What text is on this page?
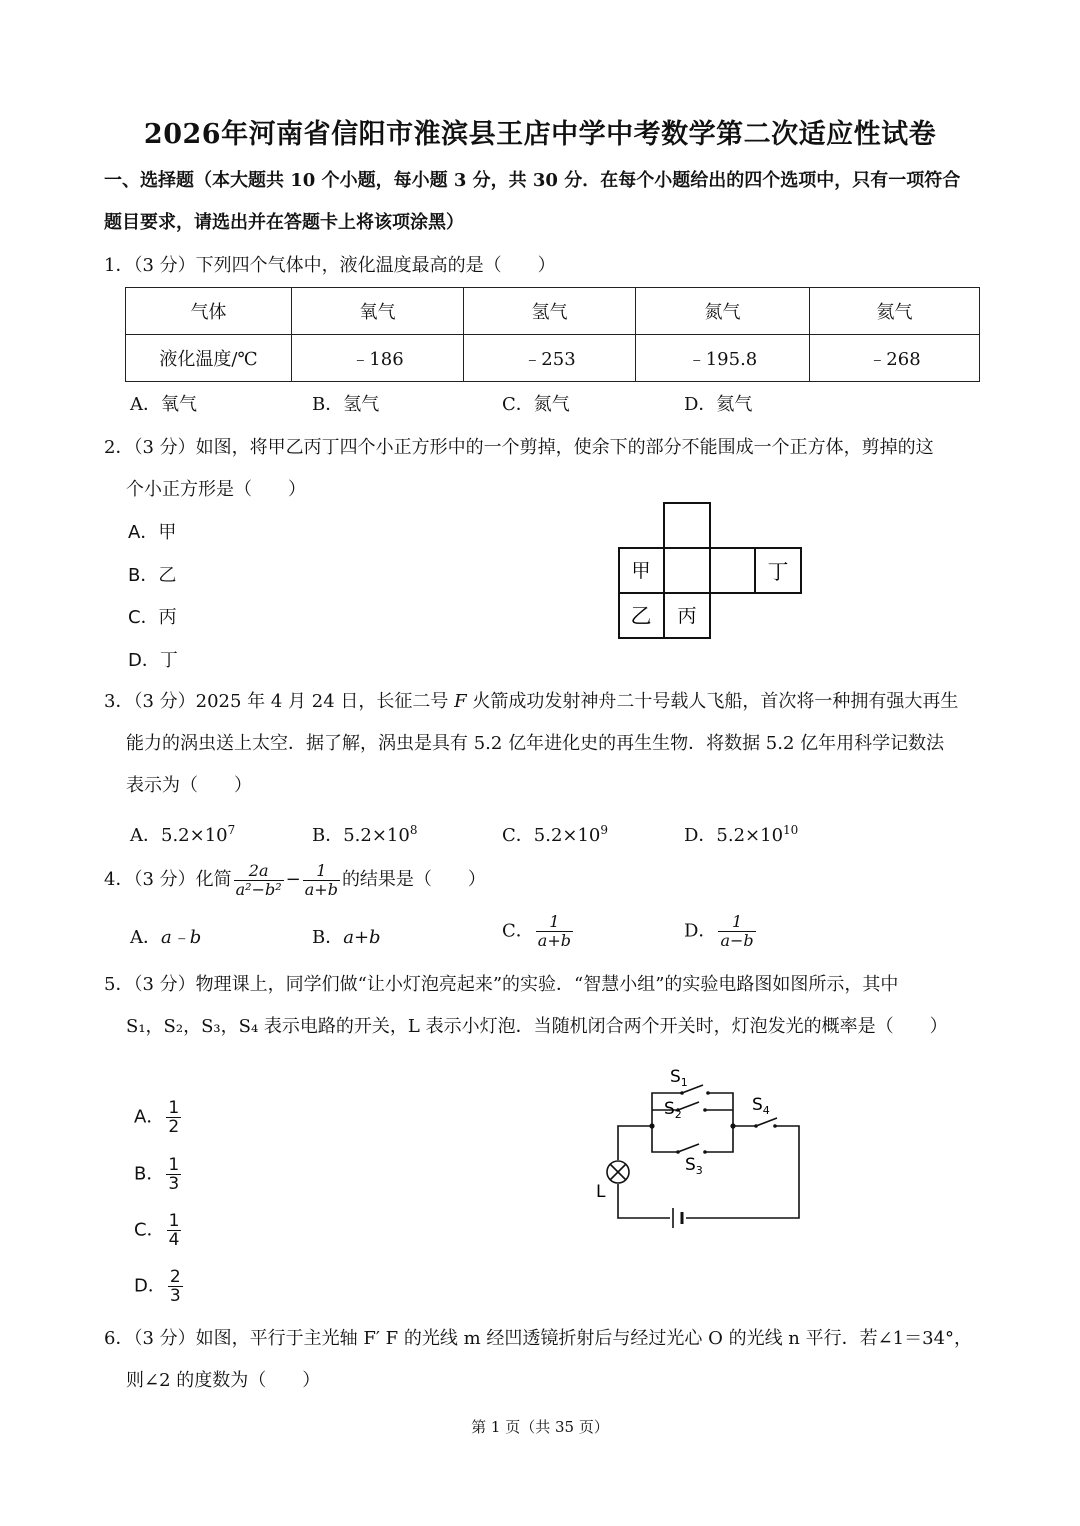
2026年河南省信阳市淮滨县王店中学中考数学第二次适应性试卷
一、选择题（本大题共 10 个小题，每小题 3 分，共 30 分．在每个小题给出的四个选项中，只有一项符合
题目要求，请选出并在答题卡上将该项涂黑）
1．（3 分）下列四个气体中，液化温度最高的是（　　）
气体	氧气	氢气	氮气	氦气
液化温度/℃	﹣186	﹣253	﹣195.8	﹣268
A．氧气	B．氢气	C．氮气	D．氦气
2．（3 分）如图，将甲乙丙丁四个小正方形中的一个剪掉，使余下的部分不能围成一个正方体，剪掉的这
个小正方形是（　　）
A．甲
B．乙
C．丙
D．丁
甲	丁
乙 丙
3．（3 分）2025 年 4 月 24 日，长征二号 F 火箭成功发射神舟二十号载人飞船，首次将一种拥有强大再生
能力的涡虫送上太空．据了解，涡虫是具有 5.2 亿年进化史的再生生物．将数据 5.2 亿年用科学记数法
表示为（　　）
A．$5.2\times 10^7$	B．$5.2\times 10^8$	C．$5.2\times 10^9$	D．$5.2\times 10^{10}$
4．（3 分）化简 $\frac{2a}{\text{a²−b²}} - \frac{1}{a+b}$ 的结果是（　　）
A．a﹣b	B．a+b	C． $\frac{1}{a+b}$	D． $\frac{1}{a-b}$
5．（3 分）物理课上，同学们做“让小灯泡亮起来”的实验．“智慧小组”的实验电路图如图所示，其中
S₁，S₂，S₃，S₄ 表示电路的开关，L 表示小灯泡．当随机闭合两个开关时，灯泡发光的概率是（　　）
A． $\frac{1}{2}$
B． $\frac{1}{3}$
C． $\frac{1}{4}$
D． $\frac{2}{3}$
$S_1$
$S_2$
$S_3$
$S_4$
L
6．（3 分）如图，平行于主光轴 F′ F 的光线 m 经凹透镜折射后与经过光心 O 的光线 n 平行．若∠1＝34°，
则∠2 的度数为（　　）
第 1 页（共 35 页）
